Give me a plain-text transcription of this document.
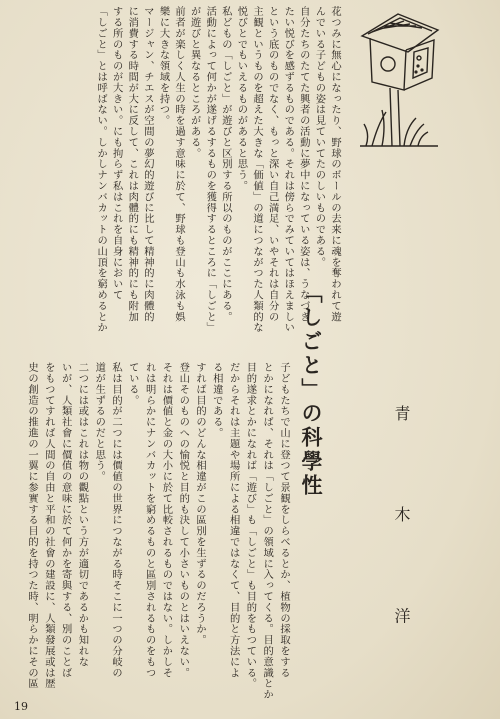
花つみに無心になったり、野球のボールの去来に魂を奪われて遊
んでいる子どもの姿は見ていてたのしいものである。
自分たちのたてた興者の活動に夢中になっている姿は、うなづき
たい悦びを感ずるものである。それは傍らでみていてはほえましい
という底のものでなく、もっと深い自己満足、いやそれは自分の
主観というものを超えた大きな「価値」の道につながつた人類的な
悦びとでもいえるものがあると思う。
私どもの「しごと」が遊びと区別する所以のものがここにある。
活動によって何かが遂げるするものを獲得するところに「しごと」
が遊びと異なるところがある。
前者が楽しく人生の時を過す意味に於て、野球も登山も水泳も娯
樂に大きな領域を持つ。
マージャン、チエスが空間の夢幻的遊びに比して精神的に肉體的
に消費する時間が大に反して、これは肉體的にも精神的にも附加
する所のものが大きい。にも拘らず私はこれを自身において
「しごと」とは呼ばない。しかしナンバカットの山頂を窮めるとか
「しごと」の科學性
青 木 洋
子どもたちで山に登つて景観をしらべるとか、植物の採取をする
とかになれば、それは「しごと」の領域に入ってくる。目的意識とか
目的遂求とかになれば「遊び」も「しごと」も目的をもつている。
だからそれは主題や場所による相違ではなくて、目的と方法によ
る相違である。
すれば目的のどんな相違がこの區別を生ずるのだろうか。
登山そのものへの愉悦と目的も決して小さいものとはいえない。
それは價値と金の大小に於て比較されるものではない。しかしそ
れは明らかにナンバカットを窮めるものと區別されるものをもつ
ている。
私は目的が二つには價値の世界につながる時そこに一つの分岐の
道が生ずるのだと思う。
二つには或はこれは物の觀點という方が適切であるかも知れな
いが、人類社會に價值の意味に於て何かを寄與する、別のことば
をもつてすれば人間の自由と平和の社會の建設に、人類發展或は歴
史の創造の推進の一翼に参實する目的を持つた時、明らかにその區
19
